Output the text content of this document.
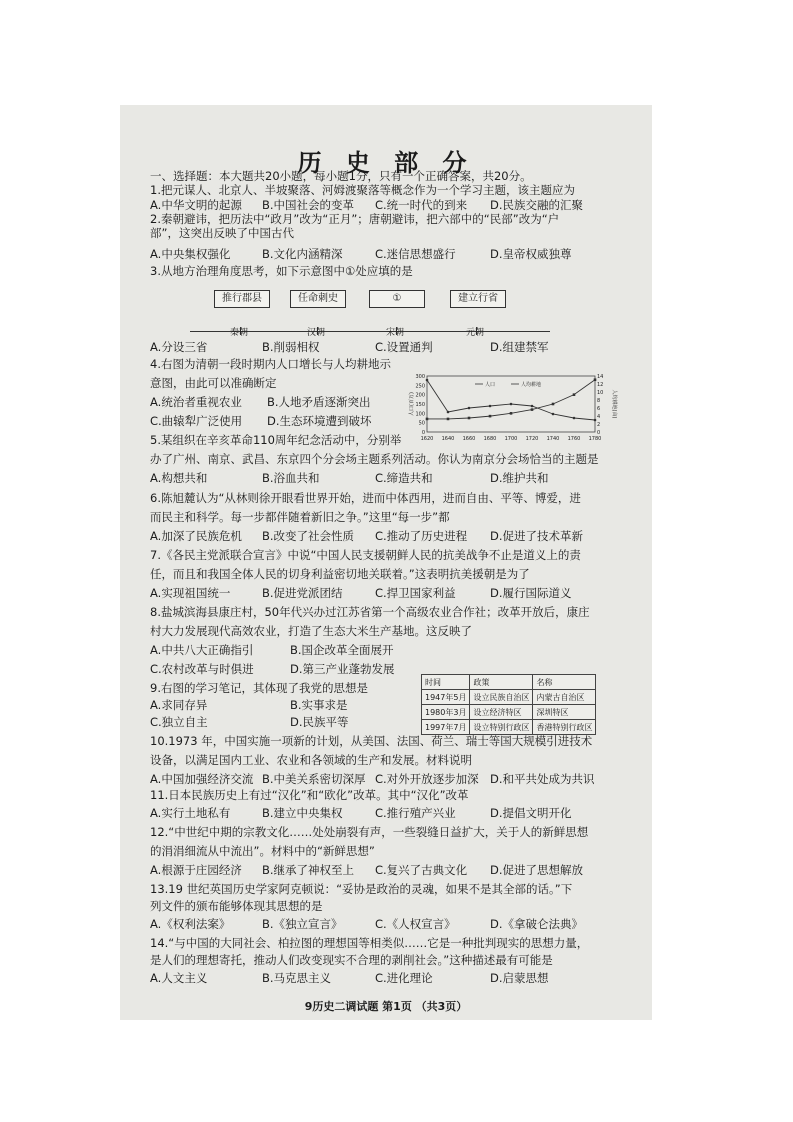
历 史 部 分
一、选择题：本大题共20小题，每小题1分，只有一个正确答案，共20分。
1.把元谋人、北京人、半坡聚落、河姆渡聚落等概念作为一个学习主题，该主题应为
A.中华文明的起源 B.中国社会的变革 C.统一时代的到来 D.民族交融的汇聚
2.秦朝避讳，把历法中“政月”改为“正月”；唐朝避讳，把六部中的“民部”改为“户
部”，这突出反映了中国古代
A.中央集权强化	B.文化内涵精深	C.迷信思想盛行	D.皇帝权威独尊
3.从地方治理角度思考，如下示意图中①处应填的是
推行郡县	任命刺史	①	建立行省
秦朝	汉朝	宋朝	元朝
A.分设三省	B.削弱相权	C.设置通判	D.组建禁军
4.右图为清朝一段时期内人口增长与人均耕地示
意图，由此可以准确断定
A.统治者重视农业 B.人地矛盾逐渐突出
C.曲辕犁广泛使用 D.生态环境遭到破坏
1620 1640 1660 1680 1700 1720 1740 1760 1780
300
250
200
150
100
50
0
14
12
10
8
6
4
2
0
人口(百万)	人均耕地(亩)
人口	人均耕地
5.某组织在辛亥革命110周年纪念活动中，分别举
办了广州、南京、武昌、东京四个分会场主题系列活动。你认为南京分会场恰当的主题是
A.构想共和	B.浴血共和	C.缔造共和	D.维护共和
6.陈旭麓认为“从林则徐开眼看世界开始，进而中体西用，进而自由、平等、博爱，进
而民主和科学。每一步都伴随着新旧之争。”这里“每一步”都
A.加深了民族危机 B.改变了社会性质 C.推动了历史进程 D.促进了技术革新
7.《各民主党派联合宣言》中说“中国人民支援朝鲜人民的抗美战争不止是道义上的责
任，而且和我国全体人民的切身利益密切地关联着。”这表明抗美援朝是为了
A.实现祖国统一	B.促进党派团结	C.捍卫国家利益	D.履行国际道义
8.盐城滨海县康庄村，50年代兴办过江苏省第一个高级农业合作社；改革开放后，康庄
村大力发展现代高效农业，打造了生态大米生产基地。这反映了
A.中共八大正确指引	B.国企改革全面展开
C.农村改革与时俱进	D.第三产业蓬勃发展
时间	政策	名称
1947年5月	设立民族自治区	内蒙古自治区
1980年3月	设立经济特区	深圳特区
1997年7月	设立特别行政区	香港特别行政区
9.右图的学习笔记，其体现了我党的思想是
A.求同存异	B.实事求是
C.独立自主	D.民族平等
10.1973 年，中国实施一项新的计划，从美国、法国、荷兰、瑞士等国大规模引进技术
设备，以满足国内工业、农业和各领域的生产和发展。材料说明
A.中国加强经济交流 B.中美关系密切深厚 C.对外开放逐步加深 D.和平共处成为共识
11.日本民族历史上有过“汉化”和“欧化”改革。其中“汉化”改革
A.实行土地私有	B.建立中央集权	C.推行殖产兴业	D.提倡文明开化
12.“中世纪中期的宗教文化……处处崩裂有声，一些裂缝日益扩大，关于人的新鲜思想
的涓涓细流从中流出”。材料中的“新鲜思想”
A.根源于庄园经济 B.继承了神权至上 C.复兴了古典文化 D.促进了思想解放
13.19 世纪英国历史学家阿克顿说：“妥协是政治的灵魂，如果不是其全部的话。”下
列文件的颁布能够体现其思想的是
A.《权利法案》	B.《独立宣言》	C.《人权宣言》	D.《拿破仑法典》
14.“与中国的大同社会、柏拉图的理想国等相类似……它是一种批判现实的思想力量，
是人们的理想寄托，推动人们改变现实不合理的剥削社会。”这种描述最有可能是
A.人文主义	B.马克思主义	C.进化理论	D.启蒙思想
9历史二调试题 第1页 （共3页）
